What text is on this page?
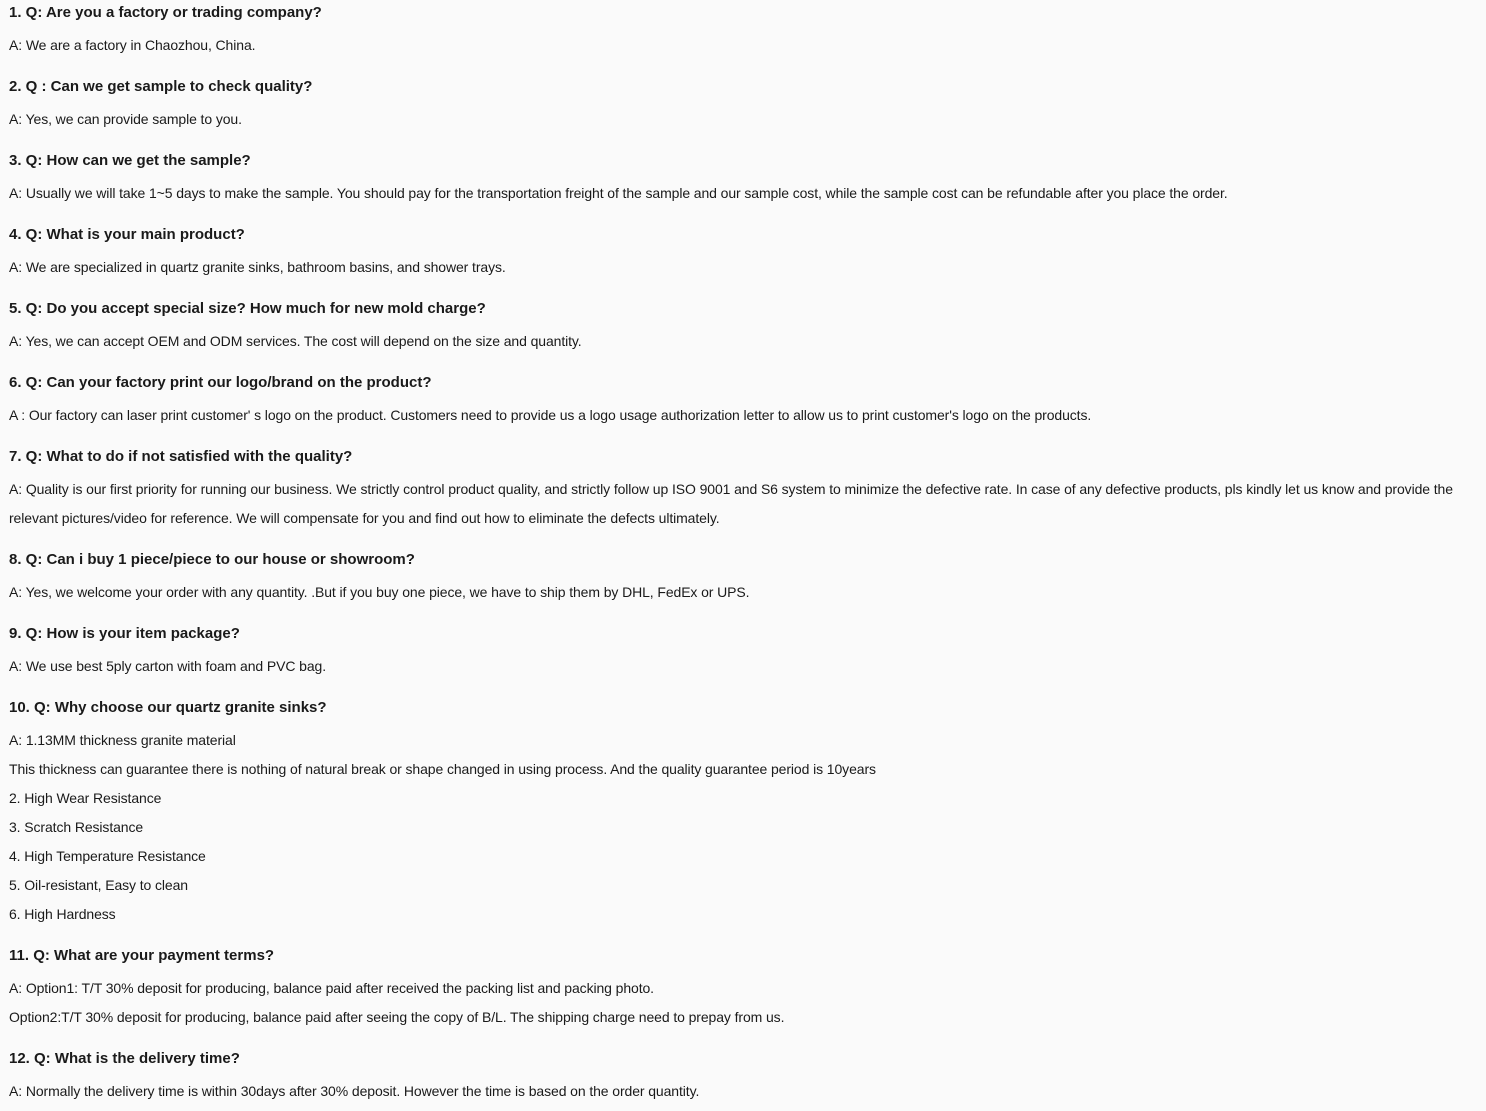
1. Q: Are you a factory or trading company?

A: We are a factory in Chaozhou, China.

2. Q : Can we get sample to check quality?

A: Yes, we can provide sample to you.

3. Q: How can we get the sample?

A: Usually we will take 1~5 days to make the sample. You should pay for the transportation freight of the sample and our sample cost, while the sample cost can be refundable after you place the order.

4. Q: What is your main product?

A: We are specialized in quartz granite sinks, bathroom basins, and shower trays.

5. Q: Do you accept special size? How much for new mold charge?

A: Yes, we can accept OEM and ODM services. The cost will depend on the size and quantity.

6. Q: Can your factory print our logo/brand on the product?

A : Our factory can laser print customer' s logo on the product. Customers need to provide us a logo usage authorization letter to allow us to print customer's logo on the products.

7. Q: What to do if not satisfied with the quality?

A: Quality is our first priority for running our business. We strictly control product quality, and strictly follow up ISO 9001 and S6 system to minimize the defective rate. In case of any defective products, pls kindly let us know and provide the relevant pictures/video for reference. We will compensate for you and find out how to eliminate the defects ultimately.

8. Q: Can i buy 1 piece/piece to our house or showroom?

A: Yes, we welcome your order with any quantity. .But if you buy one piece, we have to ship them by DHL, FedEx or UPS.

9. Q: How is your item package?

A: We use best 5ply carton with foam and PVC bag.

10. Q: Why choose our quartz granite sinks?

A: 1.13MM thickness granite material

This thickness can guarantee there is nothing of natural break or shape changed in using process. And the quality guarantee period is 10years

2. High Wear Resistance

3. Scratch Resistance

4. High Temperature Resistance

5. Oil-resistant, Easy to clean

6. High Hardness

11. Q: What are your payment terms?

A: Option1: T/T 30% deposit for producing, balance paid after received the packing list and packing photo.

Option2:T/T 30% deposit for producing, balance paid after seeing the copy of B/L. The shipping charge need to prepay from us.

12. Q: What is the delivery time?

A: Normally the delivery time is within 30days after 30% deposit. However the time is based on the order quantity.
